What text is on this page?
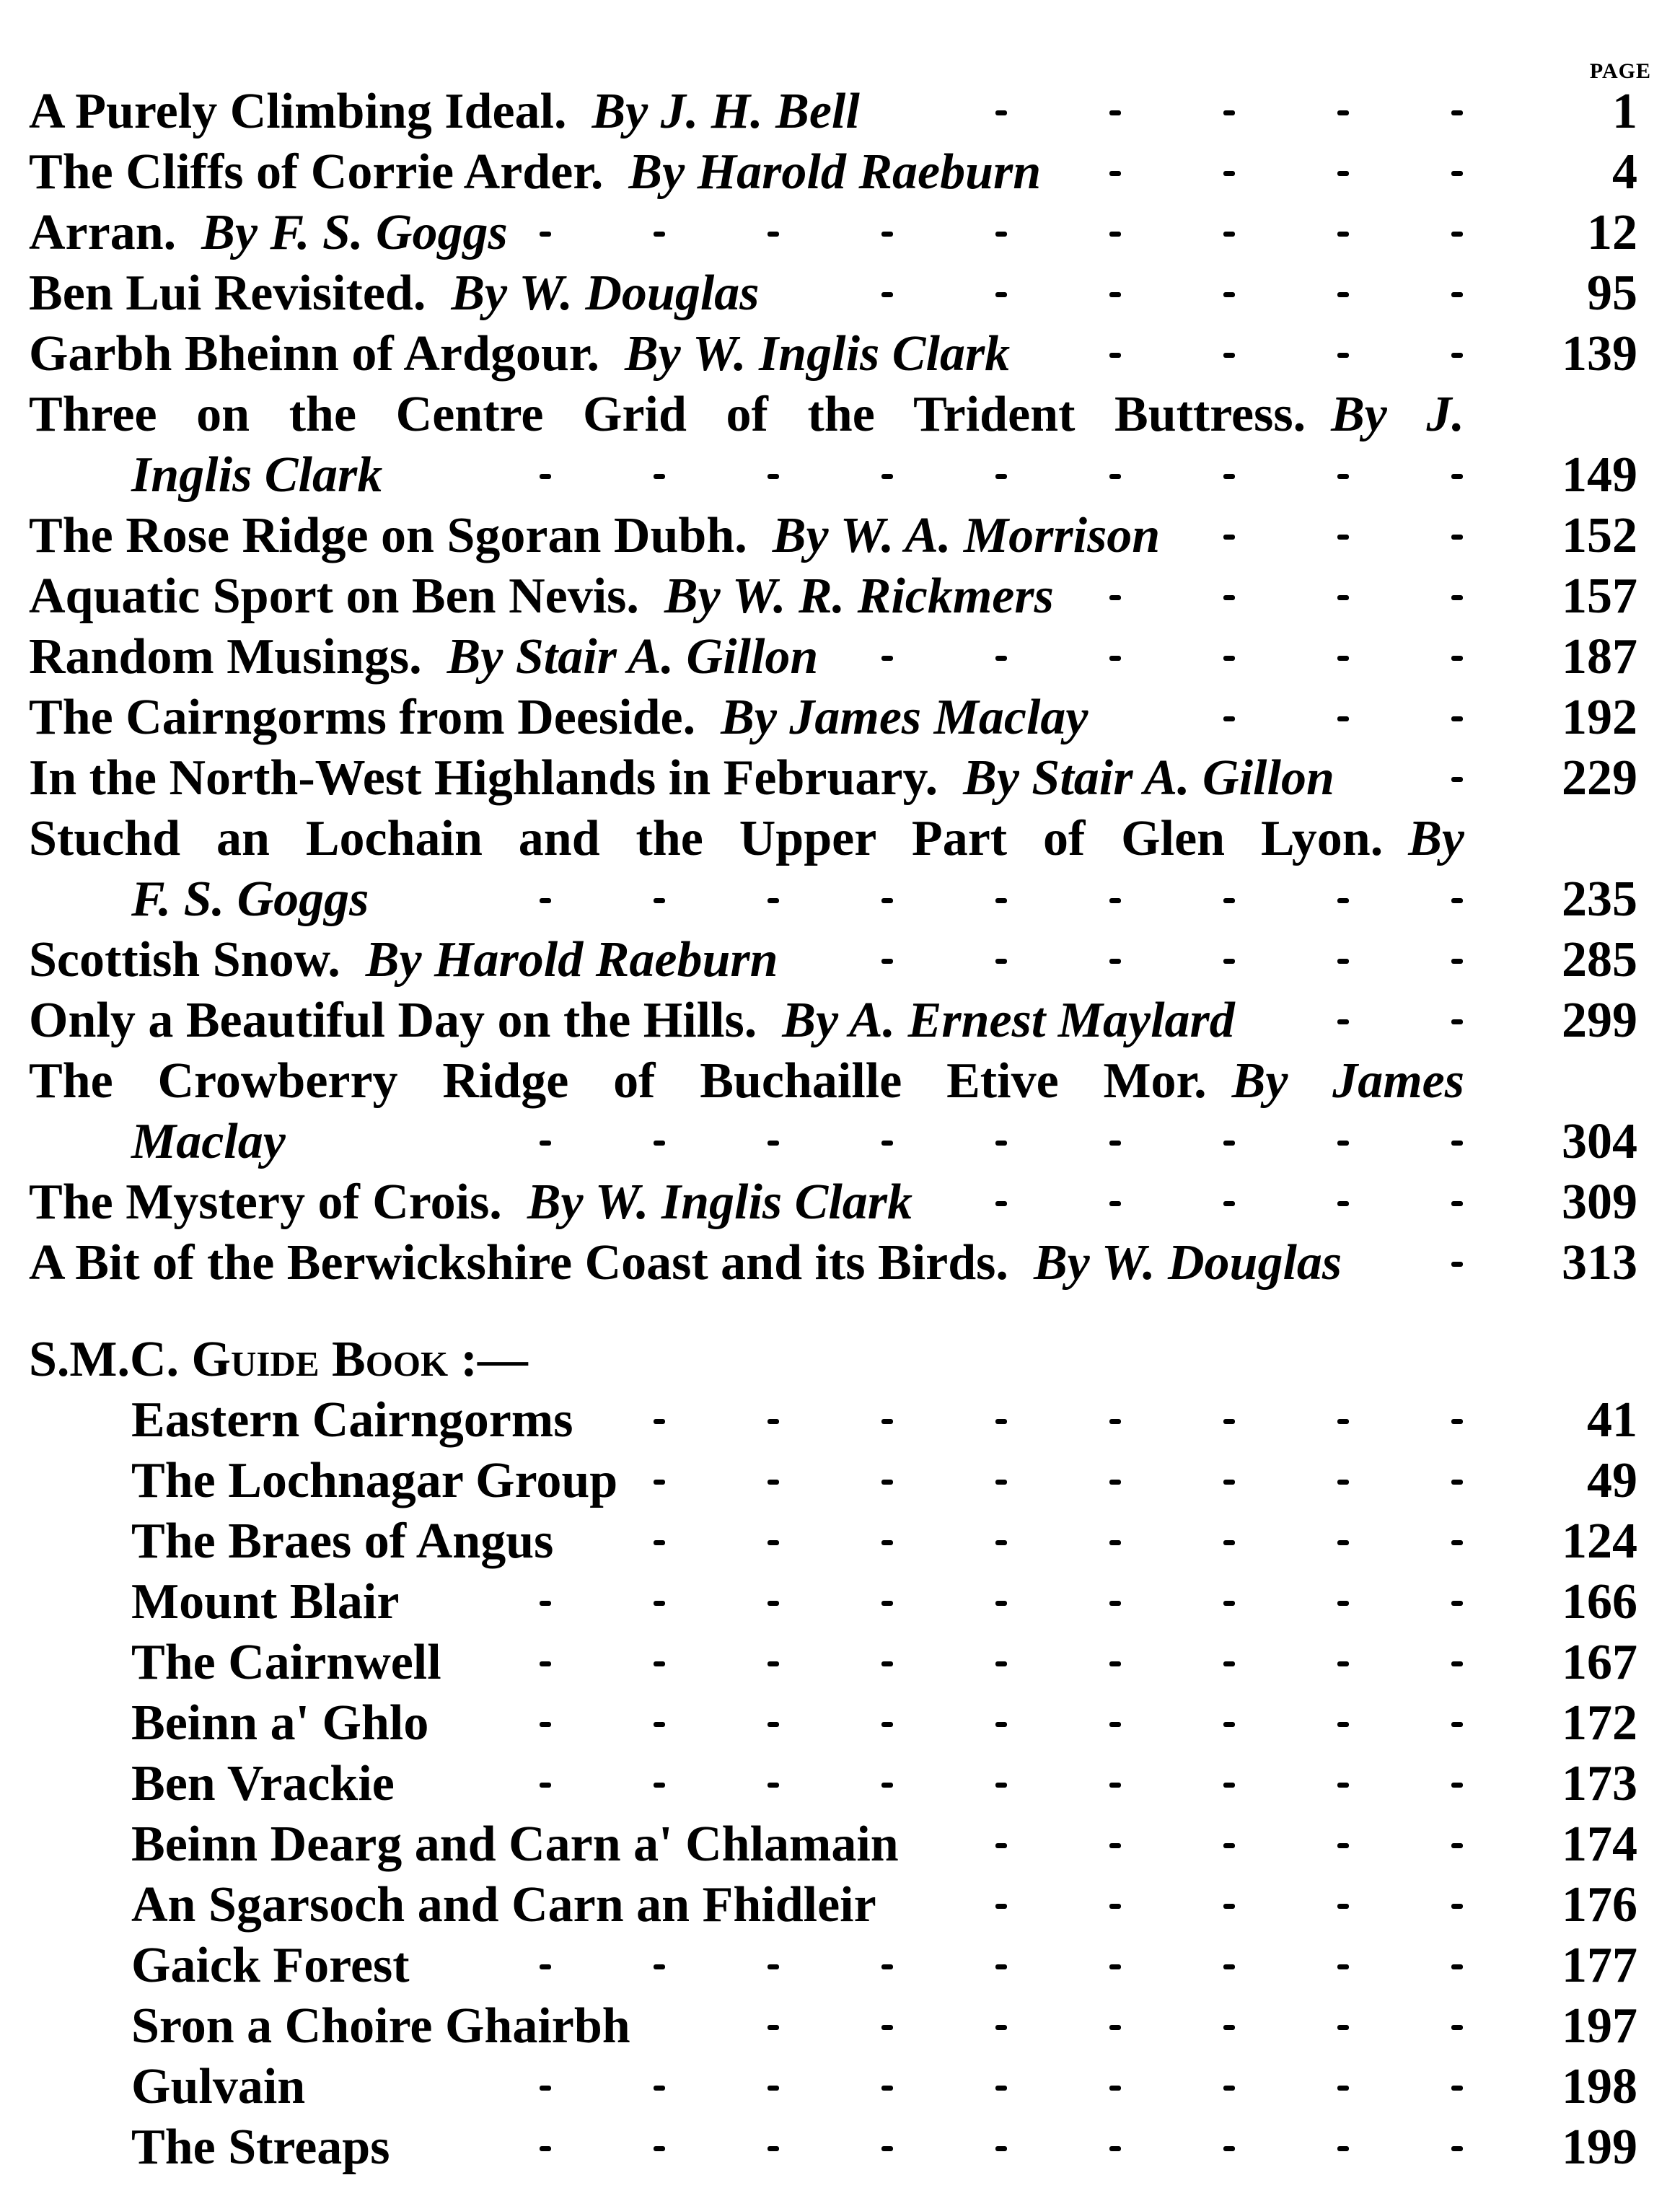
PAGE
A Purely Climbing Ideal.  By J. H. Bell	1
The Cliffs of Corrie Arder.  By Harold Raeburn	4
Arran.  By F. S. Goggs	12
Ben Lui Revisited.  By W. Douglas	95
Garbh Bheinn of Ardgour.  By W. Inglis Clark	139
Three on the Centre Grid of the Trident Buttress.  By J.
Inglis Clark	149
The Rose Ridge on Sgoran Dubh.  By W. A. Morrison	152
Aquatic Sport on Ben Nevis.  By W. R. Rickmers	157
Random Musings.  By Stair A. Gillon	187
The Cairngorms from Deeside.  By James Maclay	192
In the North-West Highlands in February.  By Stair A. Gillon	229
Stuchd an Lochain and the Upper Part of Glen Lyon.  By
F. S. Goggs	235
Scottish Snow.  By Harold Raeburn	285
Only a Beautiful Day on the Hills.  By A. Ernest Maylard	299
The Crowberry Ridge of Buchaille Etive Mor.  By James
Maclay	304
The Mystery of Crois.  By W. Inglis Clark	309
A Bit of the Berwickshire Coast and its Birds.  By W. Douglas	313
S.M.C. Guide Book :—
Eastern Cairngorms	41
The Lochnagar Group	49
The Braes of Angus	124
Mount Blair	166
The Cairnwell	167
Beinn a' Ghlo	172
Ben Vrackie	173
Beinn Dearg and Carn a' Chlamain	174
An Sgarsoch and Carn an Fhidleir	176
Gaick Forest	177
Sron a Choire Ghairbh	197
Gulvain	198
The Streaps	199
